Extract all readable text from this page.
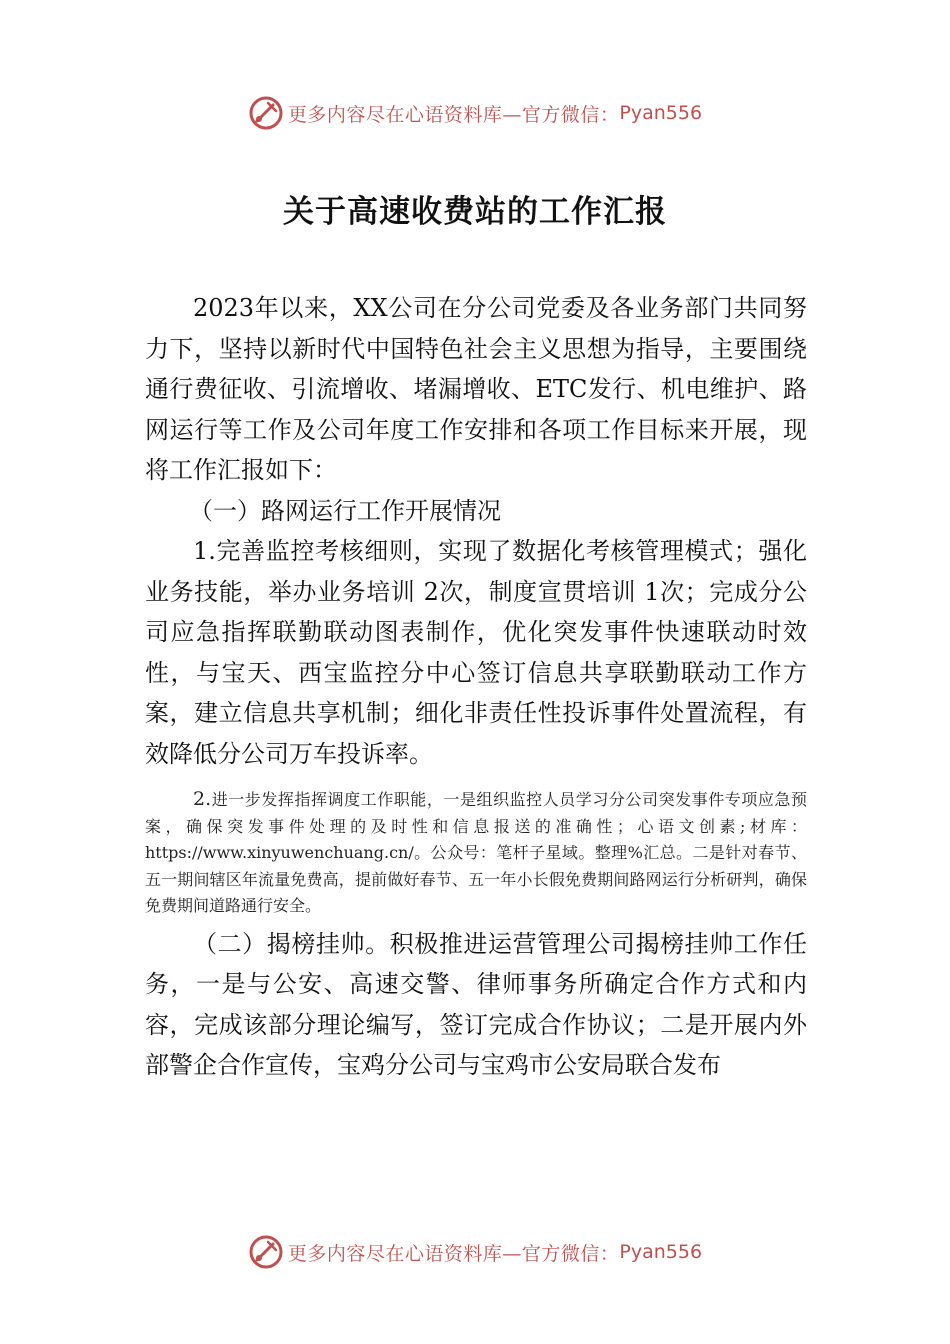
更多内容尽在心语资料库—官方微信： Pyan556
关于高速收费站的工作汇报

2023年以来，XX公司在分公司党委及各业务部门共同努力下，坚持以新时代中国特色社会主义思想为指导，主要围绕通行费征收、引流增收、堵漏增收、ETC发行、机电维护、路网运行等工作及公司年度工作安排和各项工作目标来开展，现将工作汇报如下：

（一）路网运行工作开展情况

1.完善监控考核细则，实现了数据化考核管理模式；强化业务技能，举办业务培训 2次，制度宣贯培训 1次；完成分公司应急指挥联勤联动图表制作，优化突发事件快速联动时效性，与宝天、西宝监控分中心签订信息共享联勤联动工作方案，建立信息共享机制；细化非责任性投诉事件处置流程，有效降低分公司万车投诉率。

2.进一步发挥指挥调度工作职能，一是组织监控人员学习分公司突发事件专项应急预案，确保突发事件处理的及时性和信息报送的准确性；心语文创素;材库：https://www.xinyuwenchuang.cn/。公众号：笔杆子星域。整理%汇总。二是针对春节、五一期间辖区年流量免费高，提前做好春节、五一年小长假免费期间路网运行分析研判，确保免费期间道路通行安全。

（二）揭榜挂帅。积极推进运营管理公司揭榜挂帅工作任务，一是与公安、高速交警、律师事务所确定合作方式和内容，完成该部分理论编写，签订完成合作协议；二是开展内外部警企合作宣传，宝鸡分公司与宝鸡市公安局联合发布

更多内容尽在心语资料库—官方微信： Pyan556
